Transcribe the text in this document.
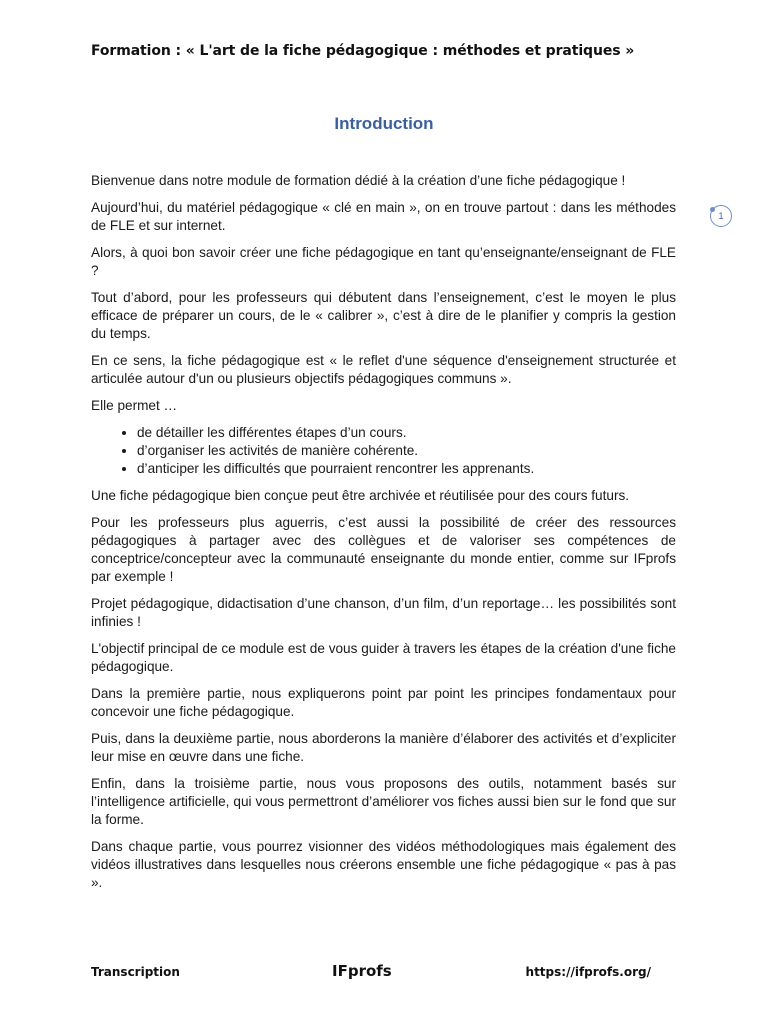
Formation : « L'art de la fiche pédagogique : méthodes et pratiques »
Introduction
1

Bienvenue dans notre module de formation dédié à la création d’une fiche pédagogique !

Aujourd’hui, du matériel pédagogique « clé en main », on en trouve partout : dans les méthodes de FLE et sur internet.

Alors, à quoi bon savoir créer une fiche pédagogique en tant qu’enseignante/enseignant de FLE ?

Tout d’abord, pour les professeurs qui débutent dans l’enseignement, c’est le moyen le plus efficace de préparer un cours, de le « calibrer », c’est à dire de le planifier y compris la gestion du temps.

En ce sens, la fiche pédagogique est « le reflet d'une séquence d'enseignement structurée et articulée autour d'un ou plusieurs objectifs pédagogiques communs ».

Elle permet …

• de détailler les différentes étapes d’un cours.
• d’organiser les activités de manière cohérente.
• d’anticiper les difficultés que pourraient rencontrer les apprenants.

Une fiche pédagogique bien conçue peut être archivée et réutilisée pour des cours futurs.

Pour les professeurs plus aguerris, c’est aussi la possibilité de créer des ressources pédagogiques à partager avec des collègues et de valoriser ses compétences de conceptrice/concepteur avec la communauté enseignante du monde entier, comme sur IFprofs par exemple !

Projet pédagogique, didactisation d’une chanson, d’un film, d’un reportage… les possibilités sont infinies !

L'objectif principal de ce module est de vous guider à travers les étapes de la création d'une fiche pédagogique.

Dans la première partie, nous expliquerons point par point les principes fondamentaux pour concevoir une fiche pédagogique.

Puis, dans la deuxième partie, nous aborderons la manière d’élaborer des activités et d’expliciter leur mise en œuvre dans une fiche.

Enfin, dans la troisième partie, nous vous proposons des outils, notamment basés sur l’intelligence artificielle, qui vous permettront d’améliorer vos fiches aussi bien sur le fond que sur la forme.

Dans chaque partie, vous pourrez visionner des vidéos méthodologiques mais également des vidéos illustratives dans lesquelles nous créerons ensemble une fiche pédagogique « pas à pas ».

Transcription	IFprofs	https://ifprofs.org/
